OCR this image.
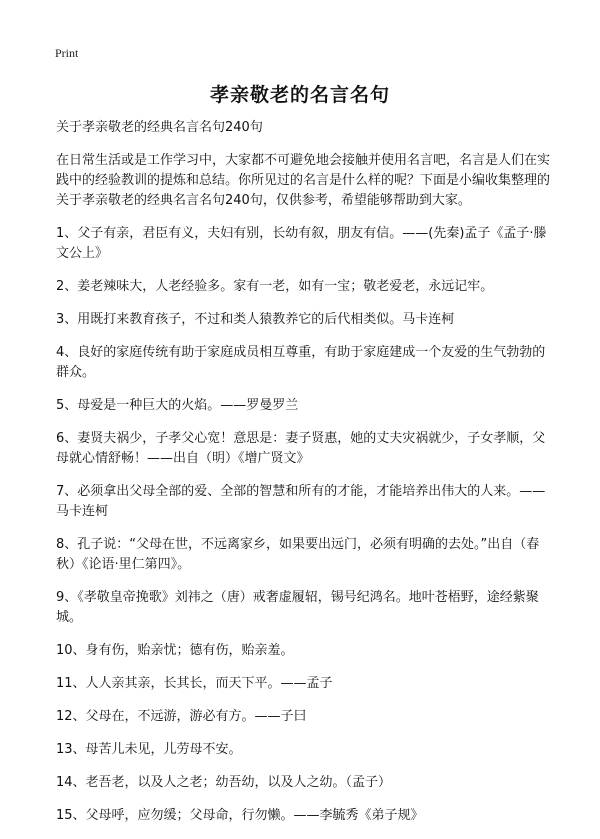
Print
孝亲敬老的名言名句

关于孝亲敬老的经典名言名句240句

在日常生活或是工作学习中，大家都不可避免地会接触并使用名言吧，名言是人们在实践中的经验教训的提炼和总结。你所见过的名言是什么样的呢？下面是小编收集整理的关于孝亲敬老的经典名言名句240句，仅供参考，希望能够帮助到大家。

1、父子有亲，君臣有义，夫妇有别，长幼有叙，朋友有信。——(先秦)孟子《孟子·滕文公上》
2、姜老辣味大，人老经验多。家有一老，如有一宝；敬老爱老，永远记牢。
3、用既打来教育孩子，不过和类人猿教养它的后代相类似。马卡连柯
4、良好的家庭传统有助于家庭成员相互尊重，有助于家庭建成一个友爱的生气勃勃的群众。
5、母爱是一种巨大的火焰。——罗曼罗兰
6、妻贤夫祸少，子孝父心宽！意思是：妻子贤惠，她的丈夫灾祸就少，子女孝顺，父母就心情舒畅！——出自（明）《增广贤文》
7、必须拿出父母全部的爱、全部的智慧和所有的才能，才能培养出伟大的人来。——马卡连柯
8、孔子说：“父母在世，不远离家乡，如果要出远门，必须有明确的去处。”出自（春秋）《论语·里仁第四》。
9、《孝敬皇帝挽歌》刘祎之（唐）戒奢虚履轺，锡号纪鸿名。地叶苍梧野，途经紫聚城。
10、身有伤，贻亲忧；德有伤，贻亲羞。
11、人人亲其亲，长其长，而天下平。——孟子
12、父母在，不远游，游必有方。——子曰
13、母苦儿未见，儿劳母不安。
14、老吾老，以及人之老；幼吾幼，以及人之幼。（孟子）
15、父母呼，应勿缓；父母命，行勿懒。——李毓秀《弟子规》
